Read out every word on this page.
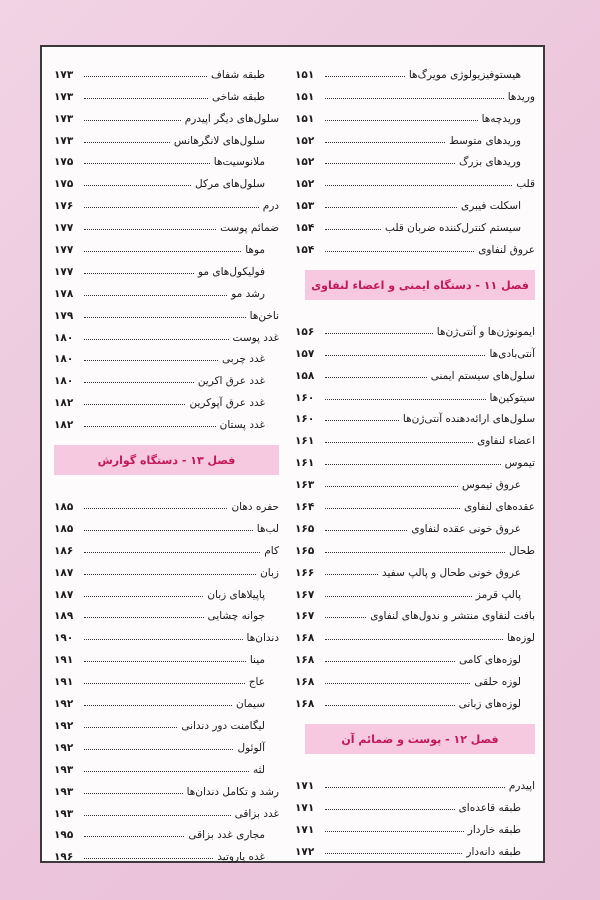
هیستوفیزیولوژی مویرگ‌ها
۱۵۱
وریدها
۱۵۱
وریدچه‌ها
۱۵۱
وریدهای متوسط
۱۵۲
وریدهای بزرگ
۱۵۲
قلب
۱۵۲
اسکلت فیبری
۱۵۳
سیستم کنترل‌کننده ضربان قلب
۱۵۴
عروق لنفاوی
۱۵۴
فصل ۱۱ - دستگاه ایمنی و اعضاء لنفاوی
ایمونوژن‌ها و آنتی‌ژن‌ها
۱۵۶
آنتی‌بادی‌ها
۱۵۷
سلول‌های سیستم ایمنی
۱۵۸
سیتوکین‌ها
۱۶۰
سلول‌های ارائه‌دهنده آنتی‌ژن‌ها
۱۶۰
اعضاء لنفاوی
۱۶۱
تیموس
۱۶۱
عروق تیموس
۱۶۳
عقده‌های لنفاوی
۱۶۴
عروق خونی عقده لنفاوی
۱۶۵
طحال
۱۶۵
عروق خونی طحال و پالپ سفید
۱۶۶
پالپ قرمز
۱۶۷
بافت لنفاوی منتشر و ندول‌های لنفاوی
۱۶۷
لوزه‌ها
۱۶۸
لوزه‌های کامی
۱۶۸
لوزه حلقی
۱۶۸
لوزه‌های زبانی
۱۶۸
فصل ۱۲ - پوست و ضمائم آن
اپیدرم
۱۷۱
طبقه قاعده‌ای
۱۷۱
طبقه خاردار
۱۷۱
طبقه دانه‌دار
۱۷۲
طبقه شفاف
۱۷۳
طبقه شاخی
۱۷۳
سلول‌های دیگر اپیدرم
۱۷۳
سلول‌های لانگرهانس
۱۷۳
ملانوسیت‌ها
۱۷۵
سلول‌های مرکل
۱۷۵
درم
۱۷۶
ضمائم پوست
۱۷۷
موها
۱۷۷
فولیکول‌های مو
۱۷۷
رشد مو
۱۷۸
ناخن‌ها
۱۷۹
غدد پوست
۱۸۰
غدد چربی
۱۸۰
غدد عرق اکرین
۱۸۰
غدد عرق آپوکرین
۱۸۲
غدد پستان
۱۸۲
فصل ۱۳ - دستگاه گوارش
حفره دهان
۱۸۵
لب‌ها
۱۸۵
کام
۱۸۶
زبان
۱۸۷
پاپیلاهای زبان
۱۸۷
جوانه چشایی
۱۸۹
دندان‌ها
۱۹۰
مینا
۱۹۱
عاج
۱۹۱
سیمان
۱۹۲
لیگامنت دور دندانی
۱۹۲
آلوئول
۱۹۲
لثه
۱۹۳
رشد و تکامل دندان‌ها
۱۹۳
غدد بزاقی
۱۹۳
مجاری غدد بزاقی
۱۹۵
غده پاروتید
۱۹۶
